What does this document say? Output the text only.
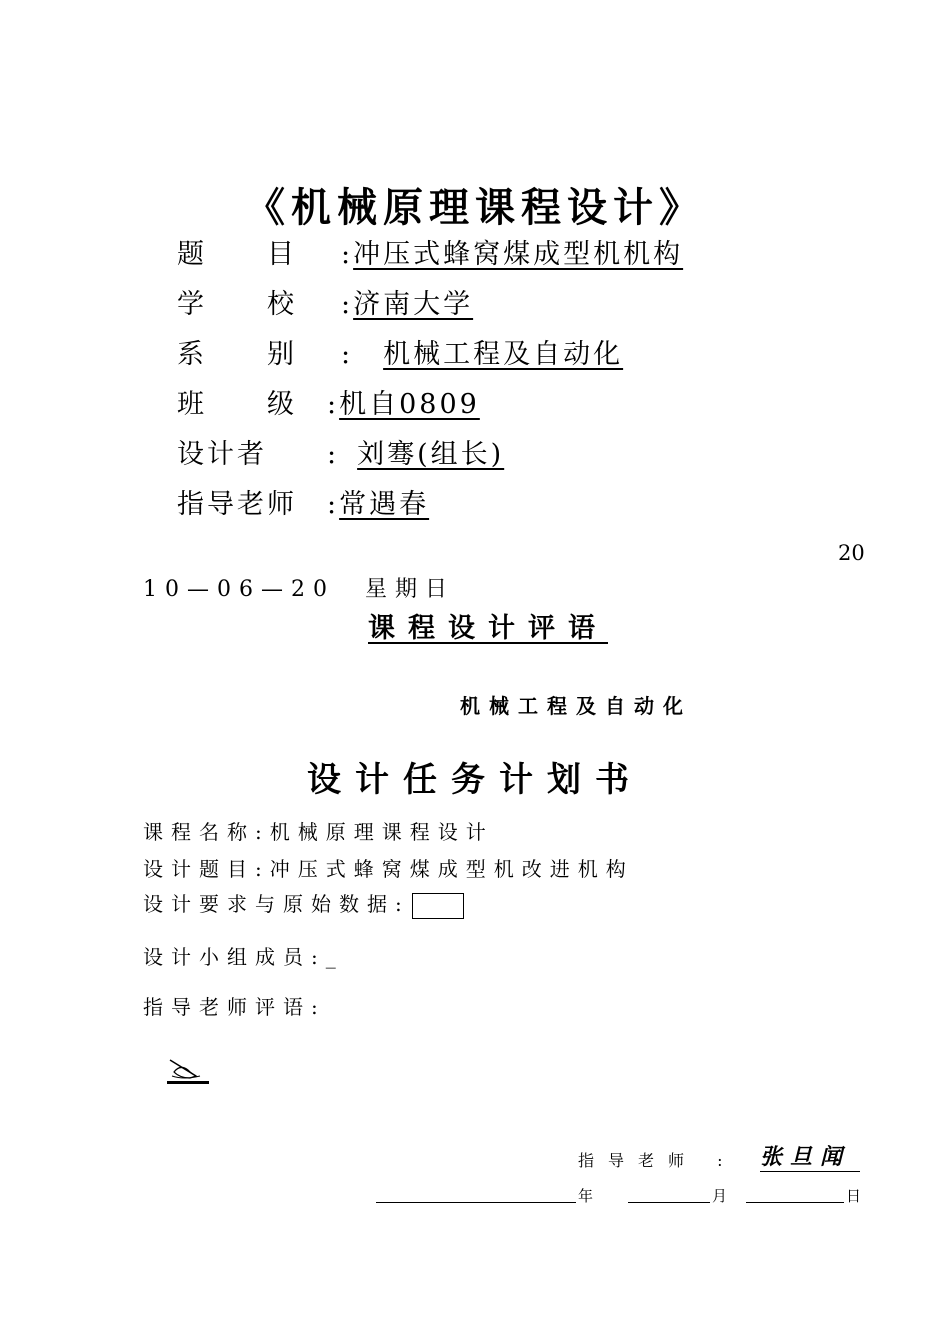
《机械原理课程设计》
题　　目 :冲压式蜂窝煤成型机机构
学　　校 :济南大学
系　　别 : 机械工程及自动化
班　　级 :机自0809
设计者 : 刘骞(组长)
指导老师 :常遇春
20
10—06—20　星期日
课程设计评语
机械工程及自动化
设计任务计划书
课程名称:机械原理课程设计
设计题目:冲压式蜂窝煤成型机改进机构
设计要求与原始数据:
设计小组成员:_
指导老师评语:
指导老师 : 张旦闻
年	月	日
